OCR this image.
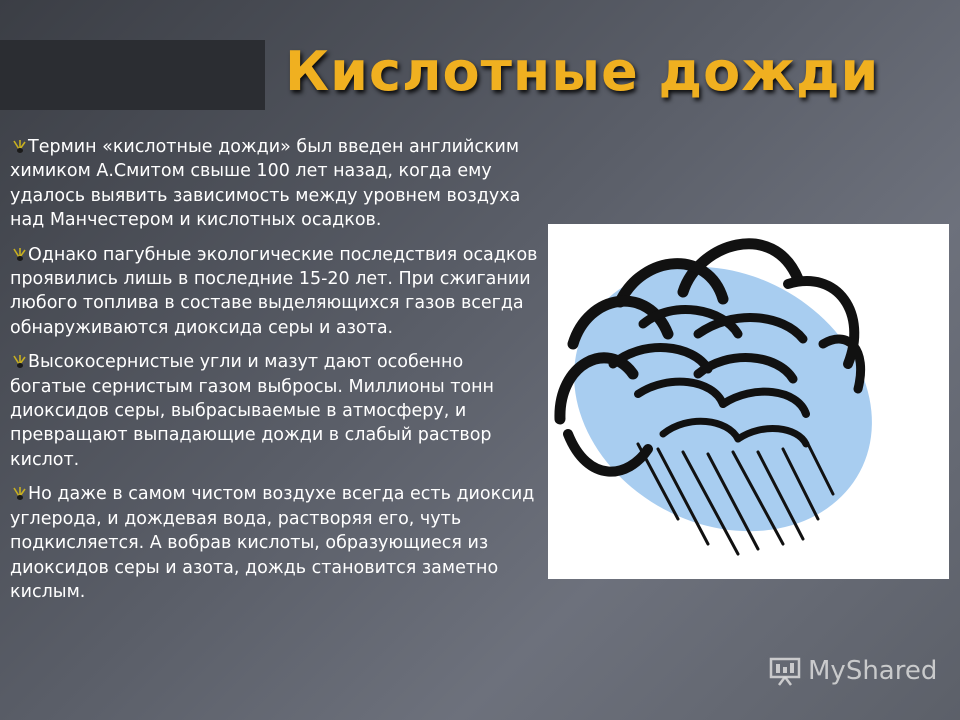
Кислотные дожди

Термин «кислотные дожди» был введен английским химиком А.Смитом свыше 100 лет назад, когда ему удалось выявить зависимость между уровнем воздуха над Манчестером и кислотных осадков.

Однако пагубные экологические последствия осадков проявились лишь в последние 15-20 лет. При сжигании любого топлива в составе выделяющихся газов всегда обнаруживаются диоксида серы и азота.

Высокосернистые угли и мазут дают особенно богатые сернистым газом выбросы. Миллионы тонн диоксидов серы, выбрасываемые в атмосферу, и превращают выпадающие дожди в слабый раствор кислот.

Но даже в самом чистом воздухе всегда есть диоксид углерода, и дождевая вода, растворяя его, чуть подкисляется. А вобрав кислоты, образующиеся из диоксидов серы и азота, дождь становится заметно кислым.

MyShared
